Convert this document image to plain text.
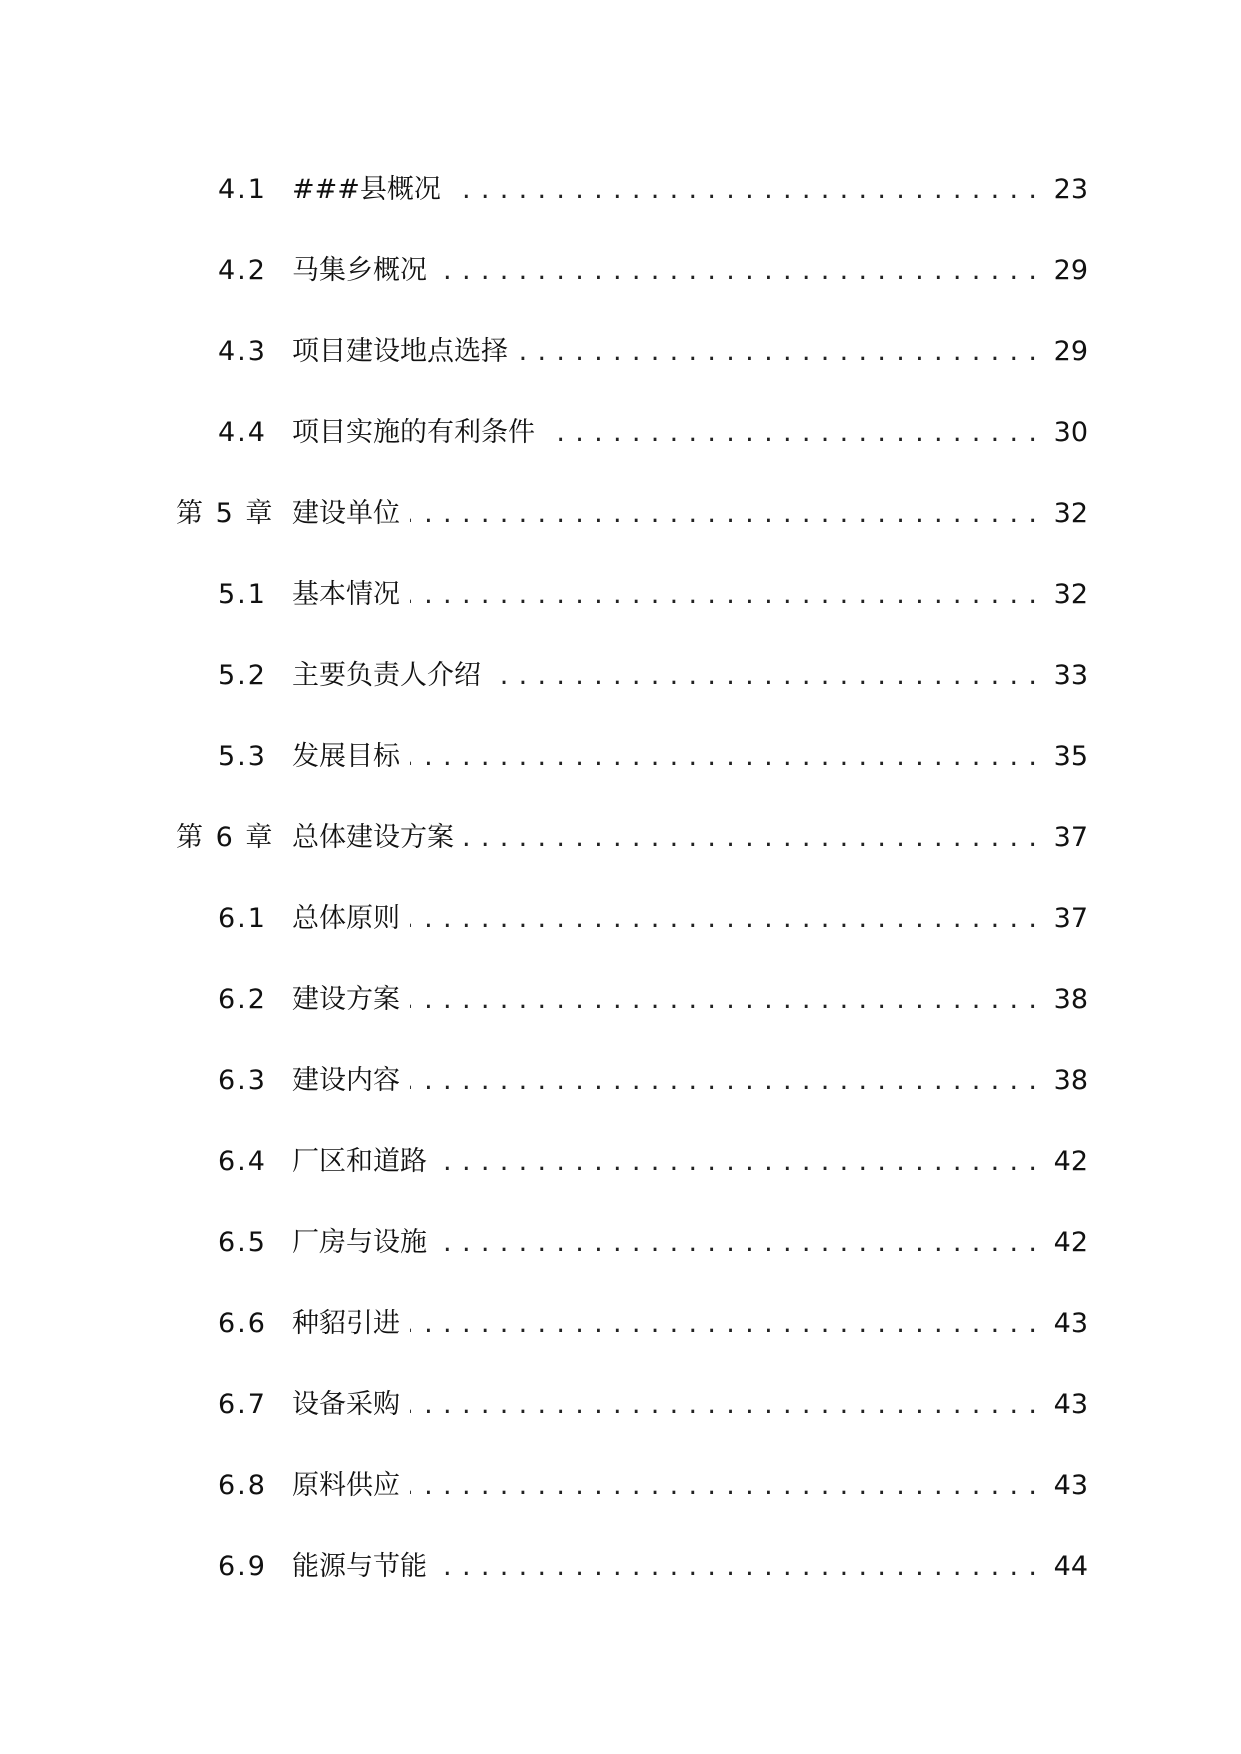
4.1 ..... ###县概况	23
4.2 ..... 马集乡概况	29
4.3 ..... 项目建设地点选择	29
4.4 ..... 项目实施的有利条件	30
第 5 章 ..... 建设单位	32
5.1 ..... 基本情况	32
5.2 ..... 主要负责人介绍	33
5.3 ..... 发展目标	35
第 6 章 ..... 总体建设方案	37
6.1 ..... 总体原则	37
6.2 ..... 建设方案	38
6.3 ..... 建设内容	38
6.4 ..... 厂区和道路	42
6.5 ..... 厂房与设施	42
6.6 ..... 种貂引进	43
6.7 ..... 设备采购	43
6.8 ..... 原料供应	43
6.9 ..... 能源与节能	44
